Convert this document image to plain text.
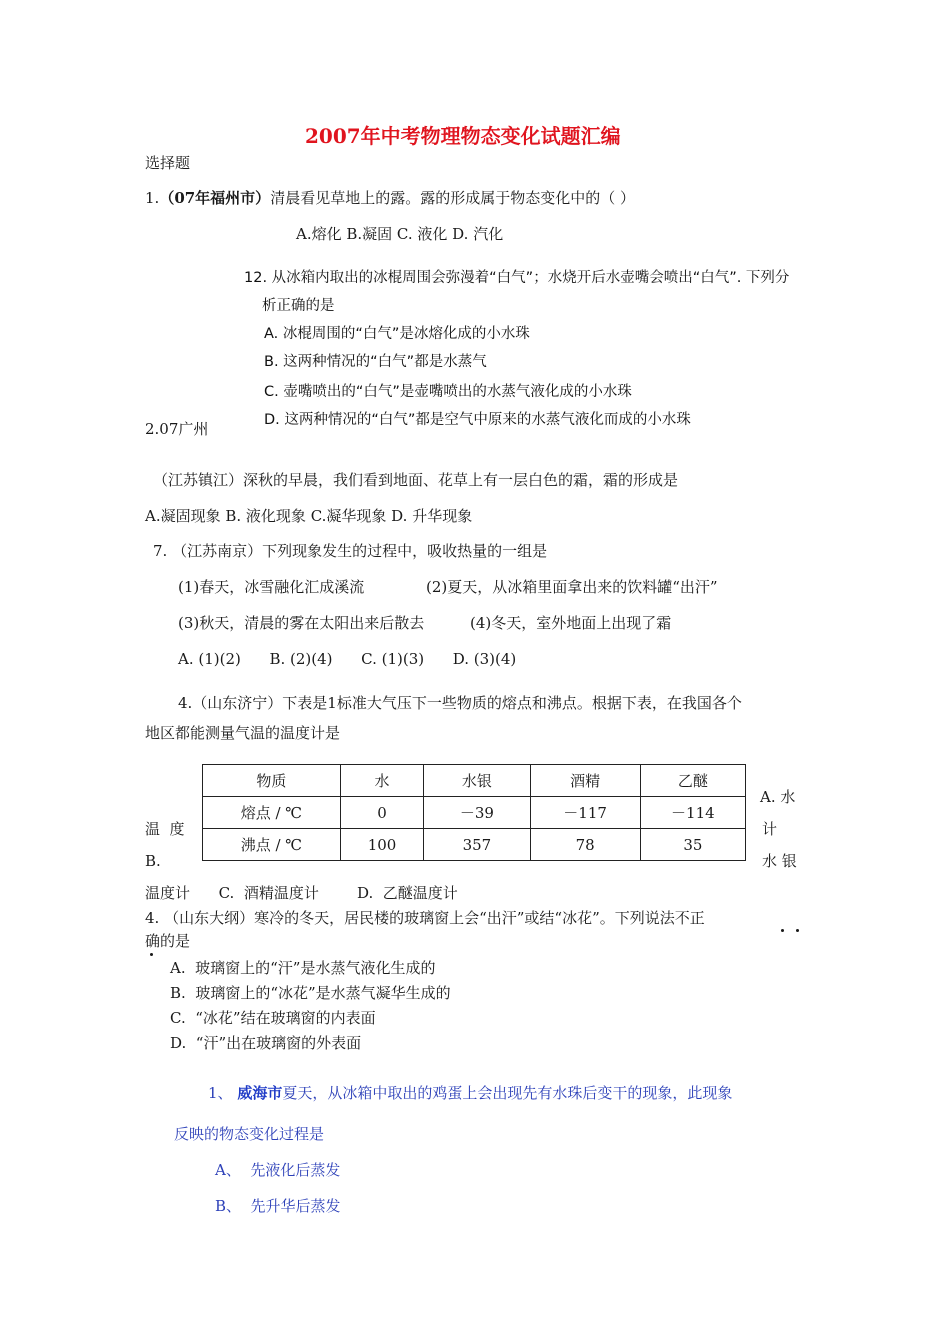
2007年中考物理物态变化试题汇编
选择题
1.（07年福州市）清晨看见草地上的露。露的形成属于物态变化中的（ ）
A.熔化 B.凝固 C. 液化 D. 汽化
12. 从冰箱内取出的冰棍周围会弥漫着“白气”；水烧开后水壶嘴会喷出“白气”. 下列分
析正确的是
A. 冰棍周围的“白气”是冰熔化成的小水珠
B. 这两种情况的“白气”都是水蒸气
C. 壶嘴喷出的“白气”是壶嘴喷出的水蒸气液化成的小水珠
D. 这两种情况的“白气”都是空气中原来的水蒸气液化而成的小水珠
2.07广州
（江苏镇江）深秋的早晨，我们看到地面、花草上有一层白色的霜，霜的形成是
A.凝固现象 B. 液化现象 C.凝华现象 D. 升华现象
7. （江苏南京）下列现象发生的过程中，吸收热量的一组是
(1)春天，冰雪融化汇成溪流	(2)夏天，从冰箱里面拿出来的饮料罐“出汗”
(3)秋天，清晨的雾在太阳出来后散去	(4)冬天，室外地面上出现了霜
A. (1)(2)      B. (2)(4)      C. (1)(3)      D. (3)(4)
4.（山东济宁）下表是1标准大气压下一些物质的熔点和沸点。根据下表，在我国各个
地区都能测量气温的温度计是
物质	水	水银	酒精	乙醚
熔点 / ℃	0	－39	－117	－114
沸点 / ℃	100	357	78	35
A. 水
温  度	计
B.	水 银
温度计      C.  酒精温度计        D.  乙醚温度计
4. （山东大纲）寒冷的冬天，居民楼的玻璃窗上会“出汗”或结“冰花”。下列说法不正
确的是
A.  玻璃窗上的“汗”是水蒸气液化生成的
B.  玻璃窗上的“冰花”是水蒸气凝华生成的
C.  “冰花”结在玻璃窗的内表面
D.  “汗”出在玻璃窗的外表面
1、 威海市夏天，从冰箱中取出的鸡蛋上会出现先有水珠后变干的现象，此现象
反映的物态变化过程是
A、  先液化后蒸发
B、  先升华后蒸发
